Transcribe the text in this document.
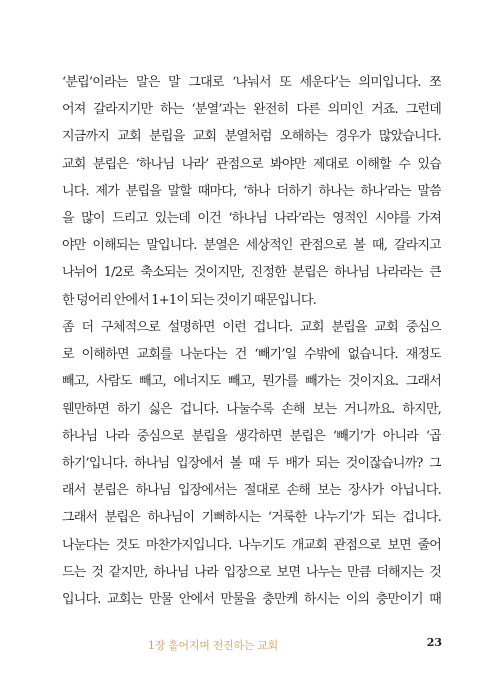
‘분립’이라는 말은 말 그대로 ‘나눠서 또 세운다’는 의미입니다. 쪼
어져 갈라지기만 하는 ‘분열’과는 완전히 다른 의미인 거죠. 그런데
지금까지 교회 분립을 교회 분열처럼 오해하는 경우가 많았습니다.
교회 분립은 ‘하나님 나라’ 관점으로 봐야만 제대로 이해할 수 있습
니다. 제가 분립을 말할 때마다, ‘하나 더하기 하나는 하나’라는 말씀
을 많이 드리고 있는데 이건 ‘하나님 나라’라는 영적인 시야를 가져
야만 이해되는 말입니다. 분열은 세상적인 관점으로 볼 때, 갈라지고
나뉘어 1/2로 축소되는 것이지만, 진정한 분립은 하나님 나라라는 큰
한 덩어리 안에서 1+1이 되는 것이기 때문입니다.
좀 더 구체적으로 설명하면 이런 겁니다. 교회 분립을 교회 중심으
로 이해하면 교회를 나눈다는 건 ‘빼기’일 수밖에 없습니다. 재정도
빼고, 사람도 빼고, 에너지도 빼고, 뭔가를 빼가는 것이지요. 그래서
웬만하면 하기 싫은 겁니다. 나눌수록 손해 보는 거니까요. 하지만,
하나님 나라 중심으로 분립을 생각하면 분립은 ‘빼기’가 아니라 ‘곱
하기’입니다. 하나님 입장에서 볼 때 두 배가 되는 것이잖습니까? 그
래서 분립은 하나님 입장에서는 절대로 손해 보는 장사가 아닙니다.
그래서 분립은 하나님이 기뻐하시는 ‘거룩한 나누기’가 되는 겁니다.
나눈다는 것도 마찬가지입니다. 나누기도 개교회 관점으로 보면 줄어
드는 것 같지만, 하나님 나라 입장으로 보면 나누는 만큼 더해지는 것
입니다. 교회는 만물 안에서 만물을 충만케 하시는 이의 충만이기 때
1장 흩어지며 전진하는 교회	23
